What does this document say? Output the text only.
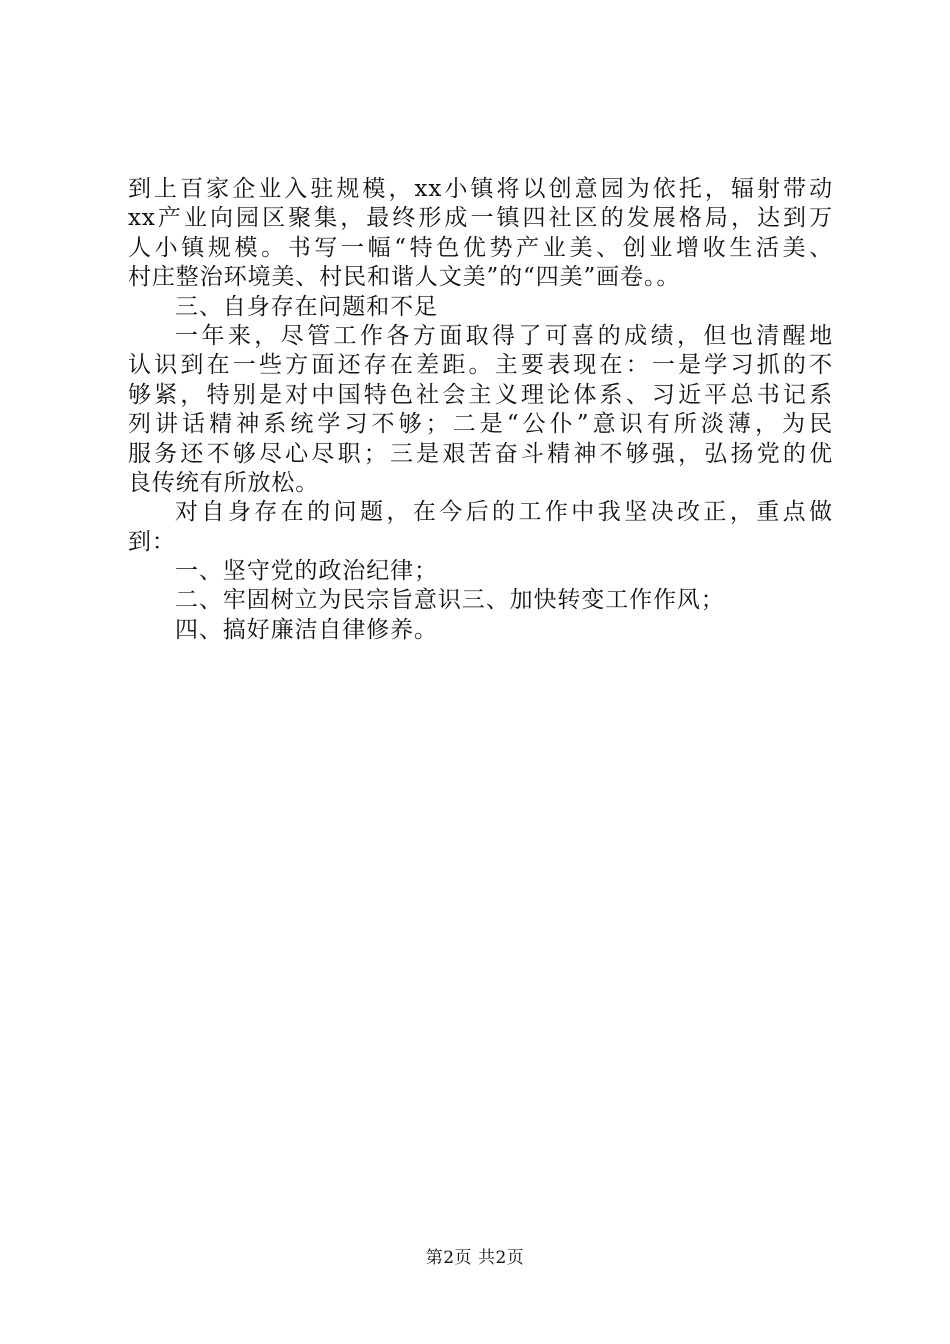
到上百家企业入驻规模，xx小镇将以创意园为依托，辐射带动
xx产业向园区聚集，最终形成一镇四社区的发展格局，达到万
人小镇规模。书写一幅“特色优势产业美、创业增收生活美、
村庄整治环境美、村民和谐人文美”的“四美”画卷。。
三、自身存在问题和不足
一年来，尽管工作各方面取得了可喜的成绩，但也清醒地
认识到在一些方面还存在差距。主要表现在：一是学习抓的不
够紧，特别是对中国特色社会主义理论体系、习近平总书记系
列讲话精神系统学习不够；二是“公仆”意识有所淡薄，为民
服务还不够尽心尽职；三是艰苦奋斗精神不够强，弘扬党的优
良传统有所放松。
对自身存在的问题，在今后的工作中我坚决改正，重点做
到：
一、坚守党的政治纪律；
二、牢固树立为民宗旨意识三、加快转变工作作风；
四、搞好廉洁自律修养。
第2页 共2页
